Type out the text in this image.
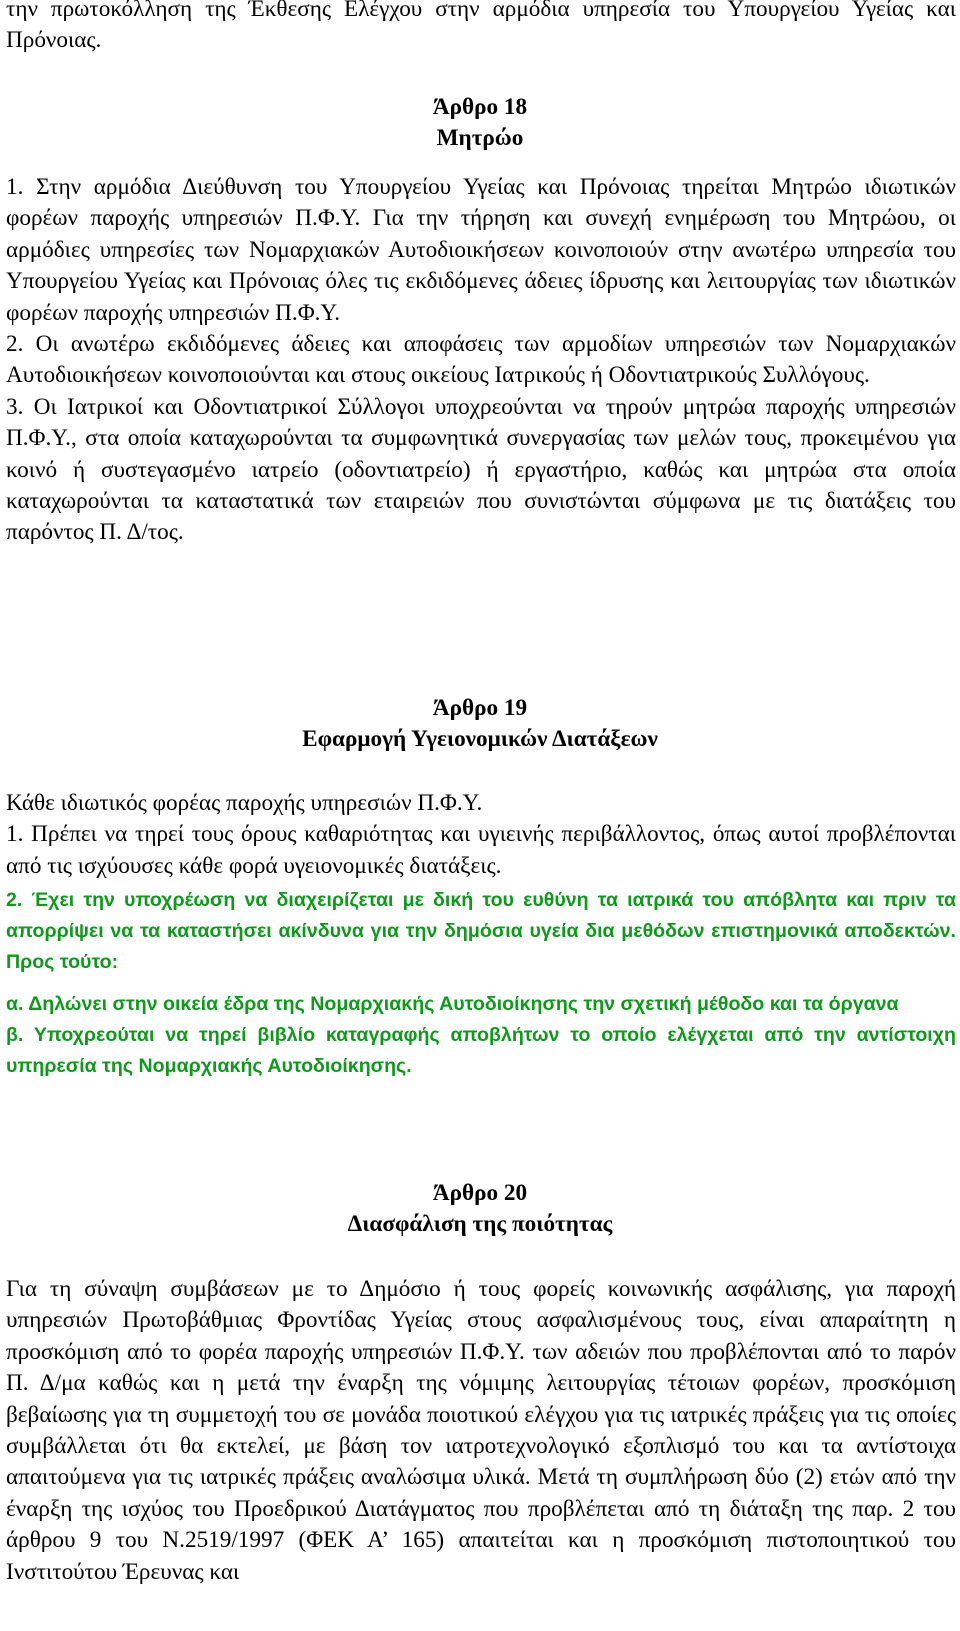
την πρωτοκόλληση της Έκθεσης Ελέγχου στην αρμόδια υπηρεσία του Υπουργείου Υγείας και Πρόνοιας.

Άρθρο 18
Μητρώο

1. Στην αρμόδια Διεύθυνση του Υπουργείου Υγείας και Πρόνοιας τηρείται Μητρώο ιδιωτικών φορέων παροχής υπηρεσιών Π.Φ.Υ. Για την τήρηση και συνεχή ενημέρωση του Μητρώου, οι αρμόδιες υπηρεσίες των Νομαρχιακών Αυτοδιοικήσεων κοινοποιούν στην ανωτέρω υπηρεσία του Υπουργείου Υγείας και Πρόνοιας όλες τις εκδιδόμενες άδειες ίδρυσης και λειτουργίας των ιδιωτικών φορέων παροχής υπηρεσιών Π.Φ.Υ.

2. Οι ανωτέρω εκδιδόμενες άδειες και αποφάσεις των αρμοδίων υπηρεσιών των Νομαρχιακών Αυτοδιοικήσεων κοινοποιούνται και στους οικείους Ιατρικούς ή Οδοντιατρικούς Συλλόγους.

3. Οι Ιατρικοί και Οδοντιατρικοί Σύλλογοι υποχρεούνται να τηρούν μητρώα παροχής υπηρεσιών Π.Φ.Υ., στα οποία καταχωρούνται τα συμφωνητικά συνεργασίας των μελών τους, προκειμένου για κοινό ή συστεγασμένο ιατρείο (οδοντιατρείο) ή εργαστήριο, καθώς και μητρώα στα οποία καταχωρούνται τα καταστατικά των εταιρειών που συνιστώνται σύμφωνα με τις διατάξεις του παρόντος Π. Δ/τος.

Άρθρο 19
Εφαρμογή Υγειονομικών Διατάξεων

Κάθε ιδιωτικός φορέας παροχής υπηρεσιών Π.Φ.Υ.

1. Πρέπει να τηρεί τους όρους καθαριότητας και υγιεινής περιβάλλοντος, όπως αυτοί προβλέπονται από τις ισχύουσες κάθε φορά υγειονομικές διατάξεις.

2. Έχει την υποχρέωση να διαχειρίζεται με δική του ευθύνη τα ιατρικά του απόβλητα και πριν τα απορρίψει να τα καταστήσει ακίνδυνα για την δημόσια υγεία δια μεθόδων επιστημονικά αποδεκτών. Προς τούτο:

α. Δηλώνει στην οικεία έδρα της Νομαρχιακής Αυτοδιοίκησης την σχετική μέθοδο και τα όργανα

β. Υποχρεούται να τηρεί βιβλίο καταγραφής αποβλήτων το οποίο ελέγχεται από την αντίστοιχη υπηρεσία της Νομαρχιακής Αυτοδιοίκησης.

Άρθρο 20
Διασφάλιση της ποιότητας

Για τη σύναψη συμβάσεων με το Δημόσιο ή τους φορείς κοινωνικής ασφάλισης, για παροχή υπηρεσιών Πρωτοβάθμιας Φροντίδας Υγείας στους ασφαλισμένους τους, είναι απαραίτητη η προσκόμιση από το φορέα παροχής υπηρεσιών Π.Φ.Υ. των αδειών που προβλέπονται από το παρόν Π. Δ/μα καθώς και η μετά την έναρξη της νόμιμης λειτουργίας τέτοιων φορέων, προσκόμιση βεβαίωσης για τη συμμετοχή του σε μονάδα ποιοτικού ελέγχου για τις ιατρικές πράξεις για τις οποίες συμβάλλεται ότι θα εκτελεί, με βάση τον ιατροτεχνολογικό εξοπλισμό του και τα αντίστοιχα απαιτούμενα για τις ιατρικές πράξεις αναλώσιμα υλικά. Μετά τη συμπλήρωση δύο (2) ετών από την έναρξη της ισχύος του Προεδρικού Διατάγματος που προβλέπεται από τη διάταξη της παρ. 2 του άρθρου 9 του Ν.2519/1997 (ΦΕΚ Α’ 165) απαιτείται και η προσκόμιση πιστοποιητικού του Ινστιτούτου Έρευνας και
